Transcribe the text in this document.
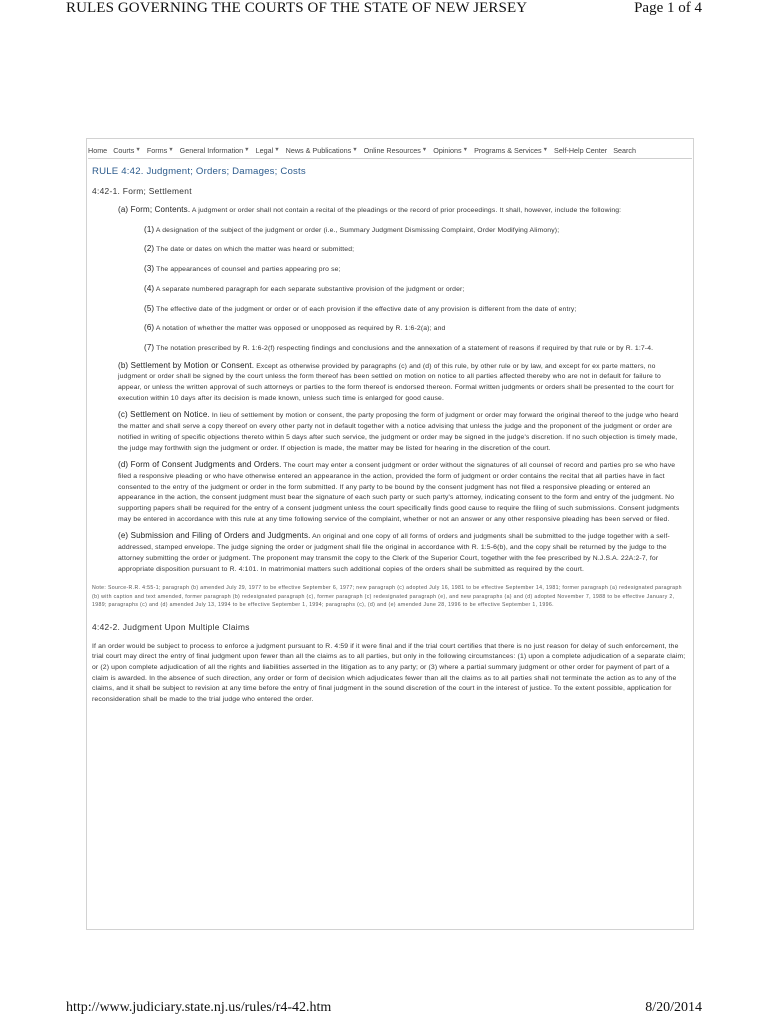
RULES GOVERNING THE COURTS OF THE STATE OF NEW JERSEY	Page 1 of 4
Home Courts ▼ Forms ▼ General Information ▼ Legal ▼ News & Publications ▼ Online Resources ▼ Opinions ▼ Programs & Services ▼ Self-Help Center Search
RULE 4:42. Judgment; Orders; Damages; Costs
4:42-1. Form; Settlement
(a) Form; Contents. A judgment or order shall not contain a recital of the pleadings or the record of prior proceedings. It shall, however, include the following:
(1) A designation of the subject of the judgment or order (i.e., Summary Judgment Dismissing Complaint, Order Modifying Alimony);
(2) The date or dates on which the matter was heard or submitted;
(3) The appearances of counsel and parties appearing pro se;
(4) A separate numbered paragraph for each separate substantive provision of the judgment or order;
(5) The effective date of the judgment or order or of each provision if the effective date of any provision is different from the date of entry;
(6) A notation of whether the matter was opposed or unopposed as required by R. 1:6-2(a); and
(7) The notation prescribed by R. 1:6-2(f) respecting findings and conclusions and the annexation of a statement of reasons if required by that rule or by R. 1:7-4.
(b) Settlement by Motion or Consent. Except as otherwise provided by paragraphs (c) and (d) of this rule, by other rule or by law, and except for ex parte matters, no judgment or order shall be signed by the court unless the form thereof has been settled on motion on notice to all parties affected thereby who are not in default for failure to appear, or unless the written approval of such attorneys or parties to the form thereof is endorsed thereon. Formal written judgments or orders shall be presented to the court for execution within 10 days after its decision is made known, unless such time is enlarged for good cause.
(c) Settlement on Notice. In lieu of settlement by motion or consent, the party proposing the form of judgment or order may forward the original thereof to the judge who heard the matter and shall serve a copy thereof on every other party not in default together with a notice advising that unless the judge and the proponent of the judgment or order are notified in writing of specific objections thereto within 5 days after such service, the judgment or order may be signed in the judge's discretion. If no such objection is timely made, the judge may forthwith sign the judgment or order. If objection is made, the matter may be listed for hearing in the discretion of the court.
(d) Form of Consent Judgments and Orders. The court may enter a consent judgment or order without the signatures of all counsel of record and parties pro se who have filed a responsive pleading or who have otherwise entered an appearance in the action, provided the form of judgment or order contains the recital that all parties have in fact consented to the entry of the judgment or order in the form submitted. If any party to be bound by the consent judgment has not filed a responsive pleading or entered an appearance in the action, the consent judgment must bear the signature of each such party or such party's attorney, indicating consent to the form and entry of the judgment. No supporting papers shall be required for the entry of a consent judgment unless the court specifically finds good cause to require the filing of such submissions. Consent judgments may be entered in accordance with this rule at any time following service of the complaint, whether or not an answer or any other responsive pleading has been served or filed.
(e) Submission and Filing of Orders and Judgments. An original and one copy of all forms of orders and judgments shall be submitted to the judge together with a self-addressed, stamped envelope. The judge signing the order or judgment shall file the original in accordance with R. 1:5-6(b), and the copy shall be returned by the judge to the attorney submitting the order or judgment. The proponent may transmit the copy to the Clerk of the Superior Court, together with the fee prescribed by N.J.S.A. 22A:2-7, for appropriate disposition pursuant to R. 4:101. In matrimonial matters such additional copies of the orders shall be submitted as required by the court.
Note: Source-R.R. 4:55-1; paragraph (b) amended July 29, 1977 to be effective September 6, 1977; new paragraph (c) adopted July 16, 1981 to be effective September 14, 1981; former paragraph (a) redesignated paragraph (b) with caption and text amended, former paragraph (b) redesignated paragraph (c), former paragraph (c) redesignated paragraph (e), and new paragraphs (a) and (d) adopted November 7, 1988 to be effective January 2, 1989; paragraphs (c) and (d) amended July 13, 1994 to be effective September 1, 1994; paragraphs (c), (d) and (e) amended June 28, 1996 to be effective September 1, 1996.
4:42-2. Judgment Upon Multiple Claims
If an order would be subject to process to enforce a judgment pursuant to R. 4:59 if it were final and if the trial court certifies that there is no just reason for delay of such enforcement, the trial court may direct the entry of final judgment upon fewer than all the claims as to all parties, but only in the following circumstances: (1) upon a complete adjudication of a separate claim; or (2) upon complete adjudication of all the rights and liabilities asserted in the litigation as to any party; or (3) where a partial summary judgment or other order for payment of part of a claim is awarded. In the absence of such direction, any order or form of decision which adjudicates fewer than all the claims as to all parties shall not terminate the action as to any of the claims, and it shall be subject to revision at any time before the entry of final judgment in the sound discretion of the court in the interest of justice. To the extent possible, application for reconsideration shall be made to the trial judge who entered the order.
http://www.judiciary.state.nj.us/rules/r4-42.htm	8/20/2014
